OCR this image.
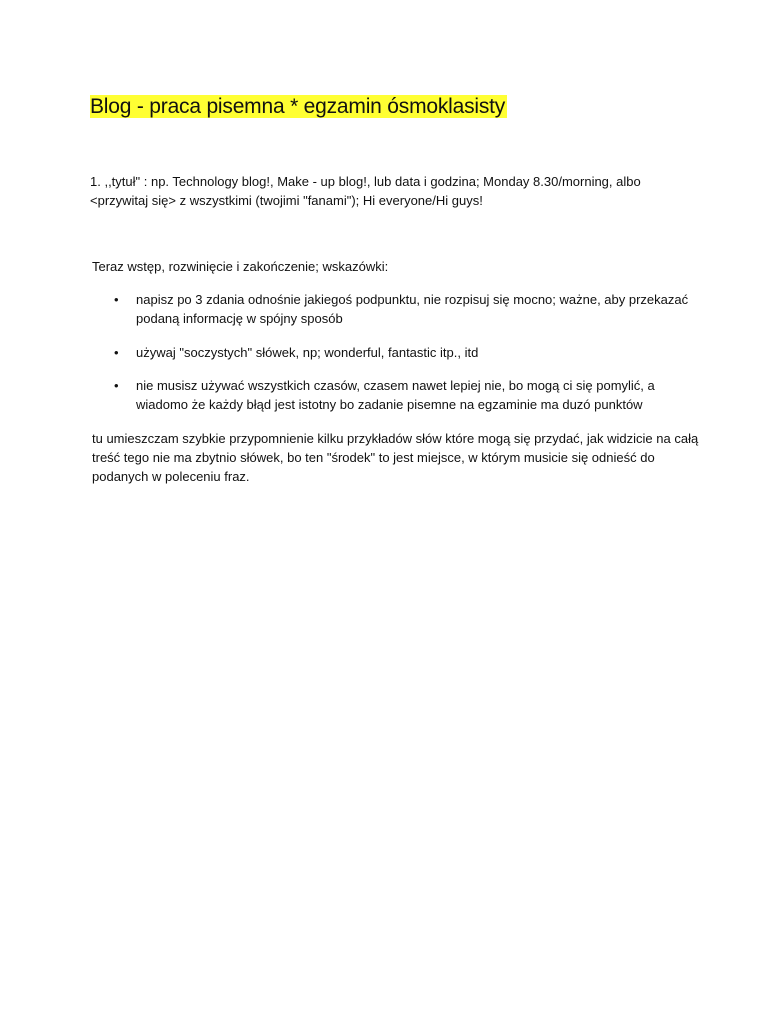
Blog - praca pisemna * egzamin ósmoklasisty

1. ,,tytuł" : np. Technology blog!, Make - up blog!, lub data i godzina; Monday 8.30/morning, albo

<przywitaj się> z wszystkimi (twojimi "fanami"); Hi everyone/Hi guys!

Teraz wstęp, rozwinięcie i zakończenie; wskazówki:

• napisz po 3 zdania odnośnie jakiegoś podpunktu, nie rozpisuj się mocno; ważne, aby przekazać

podaną informację w spójny sposób

• używaj "soczystych" słówek, np; wonderful, fantastic itp., itd

• nie musisz używać wszystkich czasów, czasem nawet lepiej nie, bo mogą ci się pomylić, a

wiadomo że każdy błąd jest istotny bo zadanie pisemne na egzaminie ma duzó punktów

tu umieszczam szybkie przypomnienie kilku przykładów słów które mogą się przydać, jak widzicie na całą

treść tego nie ma zbytnio słówek, bo ten "środek" to jest miejsce, w którym musicie się odnieść do

podanych w poleceniu fraz.
